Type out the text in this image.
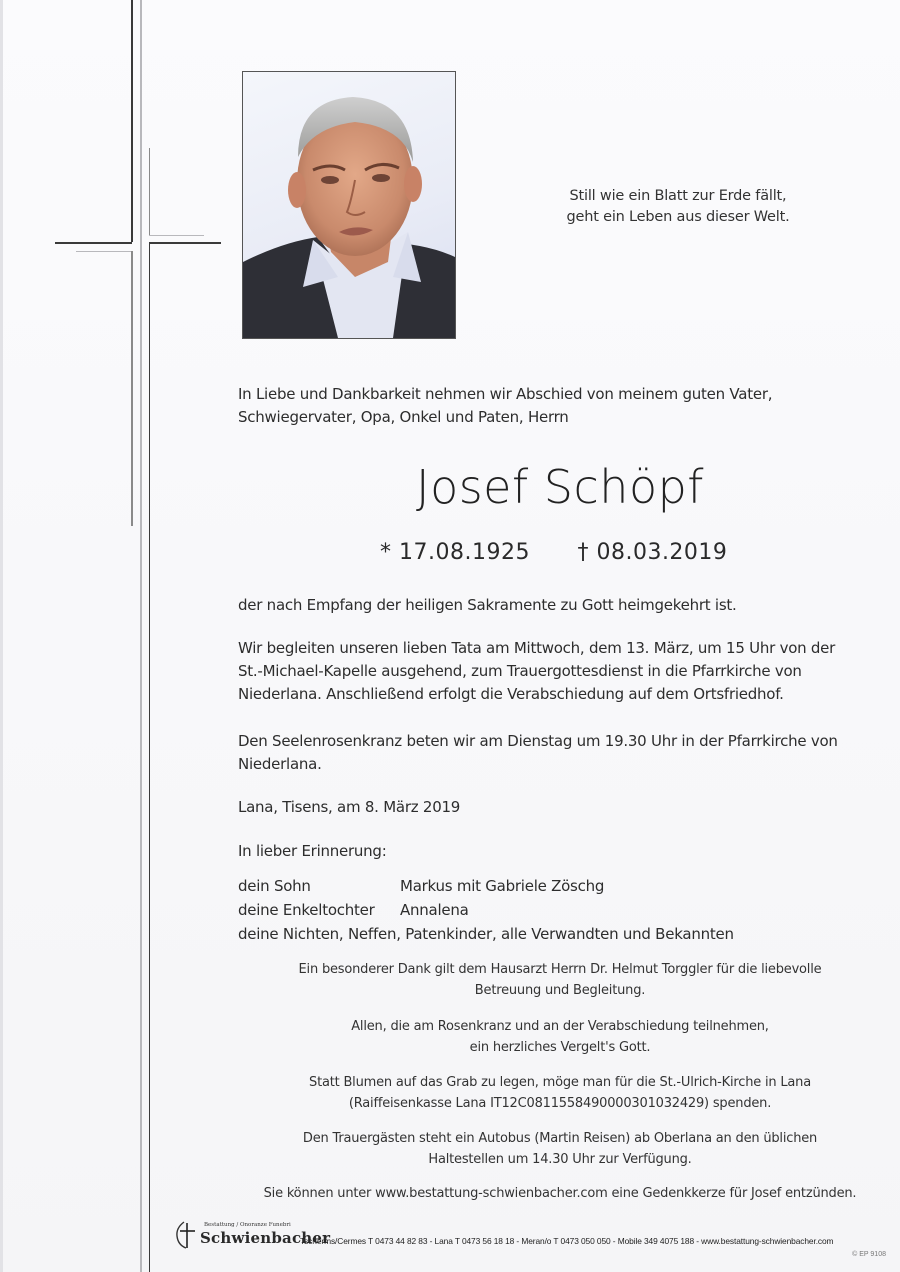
Still wie ein Blatt zur Erde fällt,
geht ein Leben aus dieser Welt.
In Liebe und Dankbarkeit nehmen wir Abschied von meinem guten Vater,
Schwiegervater, Opa, Onkel und Paten, Herrn
Josef Schöpf
* 17.08.1925 † 08.03.2019
der nach Empfang der heiligen Sakramente zu Gott heimgekehrt ist.
Wir begleiten unseren lieben Tata am Mittwoch, dem 13. März, um 15 Uhr von der
St.-Michael-Kapelle ausgehend, zum Trauergottesdienst in die Pfarrkirche von
Niederlana. Anschließend erfolgt die Verabschiedung auf dem Ortsfriedhof.
Den Seelenrosenkranz beten wir am Dienstag um 19.30 Uhr in der Pfarrkirche von
Niederlana.
Lana, Tisens, am 8. März 2019
In lieber Erinnerung:
dein Sohn	Markus mit Gabriele Zöschg
deine Enkeltochter	Annalena
deine Nichten, Neffen, Patenkinder, alle Verwandten und Bekannten
Ein besonderer Dank gilt dem Hausarzt Herrn Dr. Helmut Torggler für die liebevolle
Betreuung und Begleitung.
Allen, die am Rosenkranz und an der Verabschiedung teilnehmen,
ein herzliches Vergelt's Gott.
Statt Blumen auf das Grab zu legen, möge man für die St.-Ulrich-Kirche in Lana
(Raiffeisenkasse Lana IT12C0811558490000301032429) spenden.
Den Trauergästen steht ein Autobus (Martin Reisen) ab Oberlana an den üblichen
Haltestellen um 14.30 Uhr zur Verfügung.
Sie können unter www.bestattung-schwienbacher.com eine Gedenkkerze für Josef entzünden.
Bestattung / Onoranze Funebri
Schwienbacher
Tscherms/Cermes T 0473 44 82 83 - Lana T 0473 56 18 18 - Meran/o T 0473 050 050 - Mobile 349 4075 188 - www.bestattung-schwienbacher.com
© EP 9108
